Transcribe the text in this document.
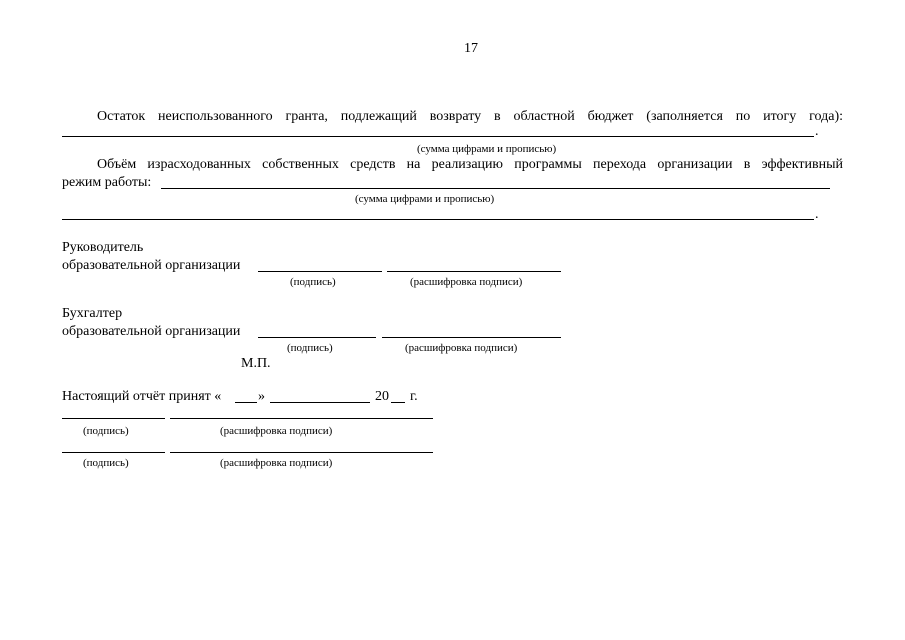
17
Остаток неиспользованного гранта, подлежащий возврату в областной бюджет (заполняется по итогу года):
.
(сумма цифрами и прописью)
Объём израсходованных собственных средств на реализацию программы перехода организации в эффективный
режим работы:
(сумма цифрами и прописью)
.
Руководитель
образовательной организации
(подпись)	(расшифровка подписи)
Бухгалтер
образовательной организации
(подпись)	(расшифровка подписи)
М.П.
Настоящий отчёт принят «	»	20 г.
(подпись)	(расшифровка подписи)
(подпись)	(расшифровка подписи)
